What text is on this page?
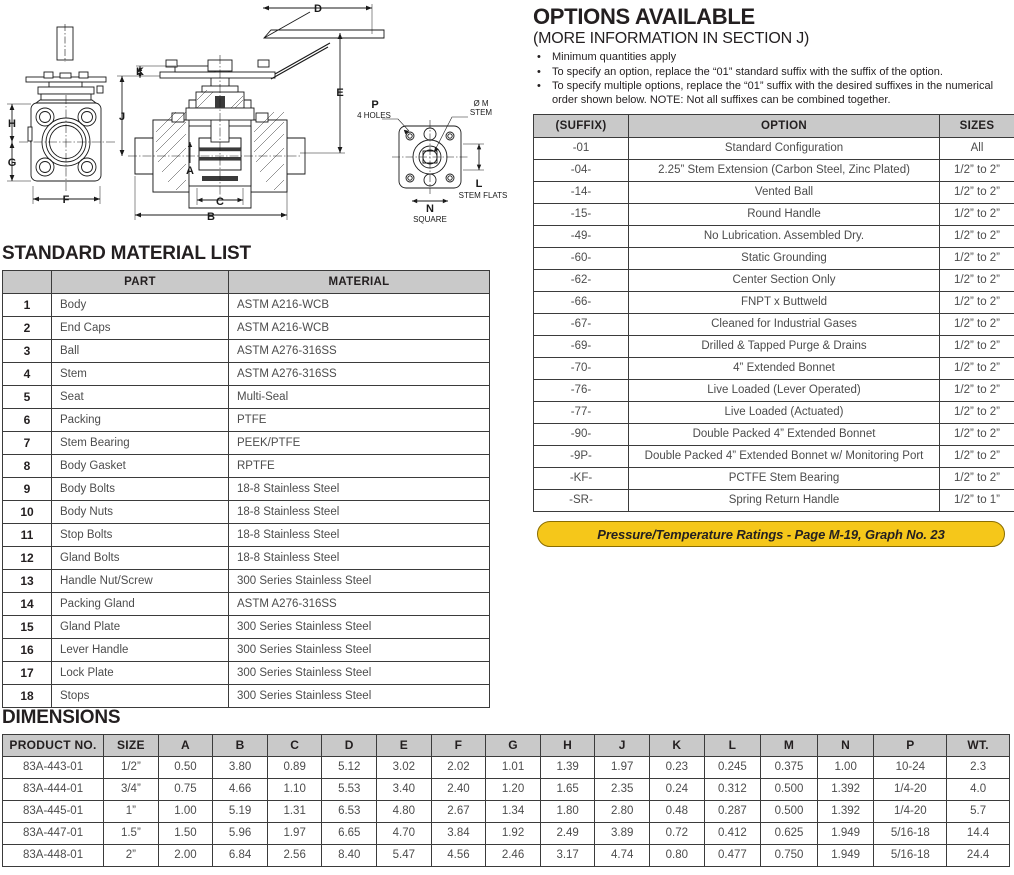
H
G
F
J
K
A
C
B
D
E
L
N
P
4 HOLES
Ø M
STEM
STEM FLATS
SQUARE
STANDARD MATERIAL LIST
	PART	MATERIAL
1	Body	ASTM A216-WCB
2	End Caps	ASTM A216-WCB
3	Ball	ASTM A276-316SS
4	Stem	ASTM A276-316SS
5	Seat	Multi-Seal
6	Packing	PTFE
7	Stem Bearing	PEEK/PTFE
8	Body Gasket	RPTFE
9	Body Bolts	18-8 Stainless Steel
10	Body Nuts	18-8 Stainless Steel
11	Stop Bolts	18-8 Stainless Steel
12	Gland Bolts	18-8 Stainless Steel
13	Handle Nut/Screw	300 Series Stainless Steel
14	Packing Gland	ASTM A276-316SS
15	Gland Plate	300 Series Stainless Steel
16	Lever Handle	300 Series Stainless Steel
17	Lock Plate	300 Series Stainless Steel
18	Stops	300 Series Stainless Steel
OPTIONS AVAILABLE
(MORE INFORMATION IN SECTION J)
• Minimum quantities apply
• To specify an option, replace the “01” standard suffix with the suffix of the option.
• To specify multiple options, replace the “01” suffix with the desired suffixes in the numerical order shown below. NOTE: Not all suffixes can be combined together.
(SUFFIX)	OPTION	SIZES
-01	Standard Configuration	All
-04-	2.25” Stem Extension (Carbon Steel, Zinc Plated)	1/2” to 2”
-14-	Vented Ball	1/2” to 2”
-15-	Round Handle	1/2” to 2”
-49-	No Lubrication. Assembled Dry.	1/2” to 2”
-60-	Static Grounding	1/2” to 2”
-62-	Center Section Only	1/2” to 2”
-66-	FNPT x Buttweld	1/2” to 2”
-67-	Cleaned for Industrial Gases	1/2” to 2”
-69-	Drilled & Tapped Purge & Drains	1/2” to 2”
-70-	4” Extended Bonnet	1/2” to 2”
-76-	Live Loaded (Lever Operated)	1/2” to 2”
-77-	Live Loaded (Actuated)	1/2” to 2”
-90-	Double Packed 4” Extended Bonnet	1/2” to 2”
-9P-	Double Packed 4” Extended Bonnet w/ Monitoring Port	1/2” to 2”
-KF-	PCTFE Stem Bearing	1/2” to 2”
-SR-	Spring Return Handle	1/2” to 1”
Pressure/Temperature Ratings - Page M-19, Graph No. 23
DIMENSIONS
PRODUCT NO.	SIZE	A	B	C	D	E	F	G	H	J	K	L	M	N	P	WT.
83A-443-01	1/2”	0.50	3.80	0.89	5.12	3.02	2.02	1.01	1.39	1.97	0.23	0.245	0.375	1.00	10-24	2.3
83A-444-01	3/4”	0.75	4.66	1.10	5.53	3.40	2.40	1.20	1.65	2.35	0.24	0.312	0.500	1.392	1/4-20	4.0
83A-445-01	1”	1.00	5.19	1.31	6.53	4.80	2.67	1.34	1.80	2.80	0.48	0.287	0.500	1.392	1/4-20	5.7
83A-447-01	1.5”	1.50	5.96	1.97	6.65	4.70	3.84	1.92	2.49	3.89	0.72	0.412	0.625	1.949	5/16-18	14.4
83A-448-01	2”	2.00	6.84	2.56	8.40	5.47	4.56	2.46	3.17	4.74	0.80	0.477	0.750	1.949	5/16-18	24.4
